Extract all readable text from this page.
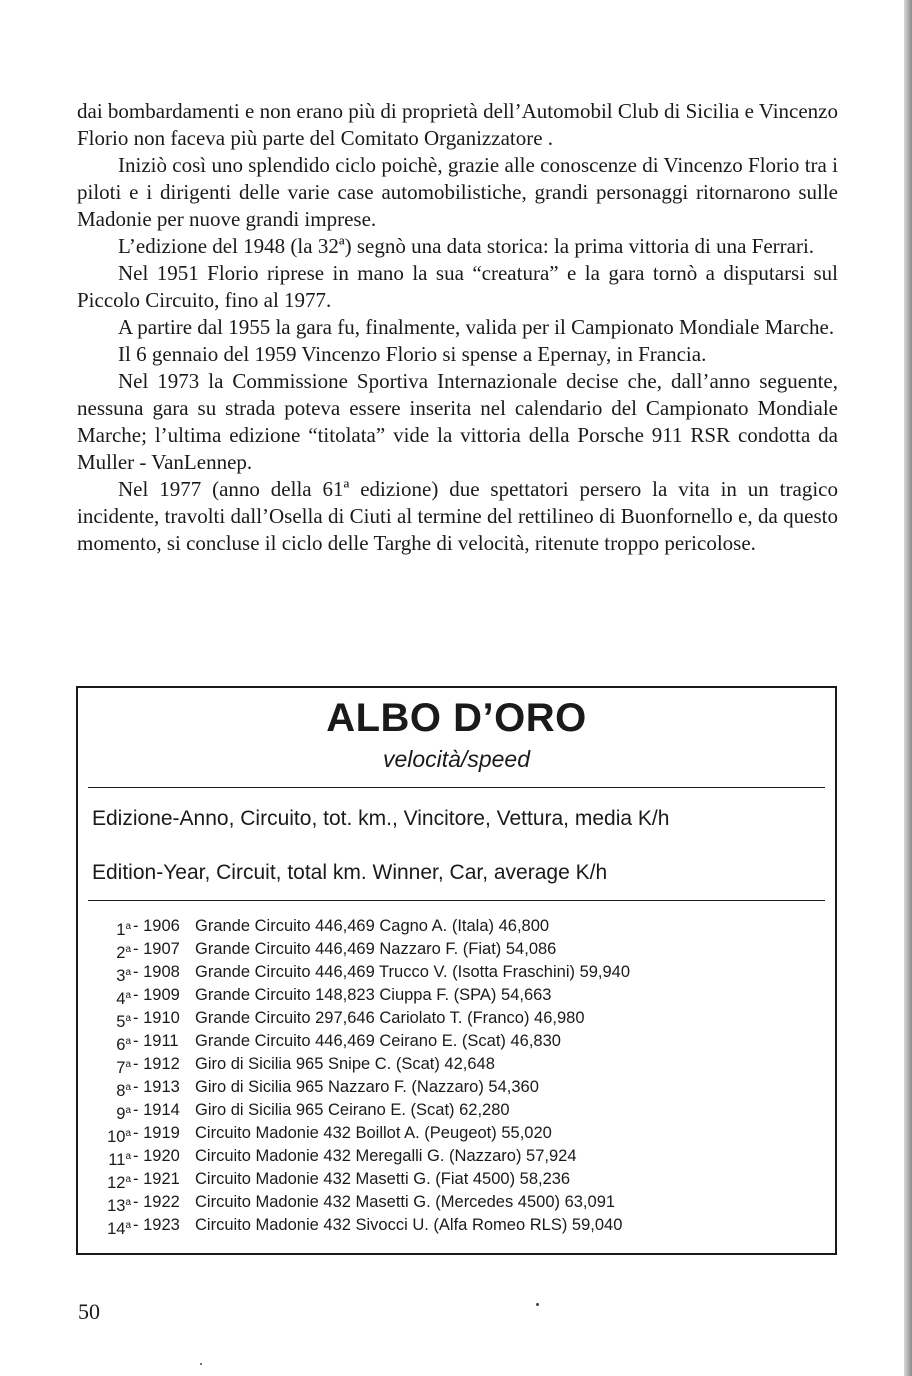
dai bombardamenti e non erano più di proprietà dell’Automobil Club di Sicilia e Vincenzo Florio non faceva più parte del Comitato Organizzatore .

Iniziò così uno splendido ciclo poichè, grazie alle conoscenze di Vincenzo Florio tra i piloti e i dirigenti delle varie case automobilistiche, grandi personaggi ritornarono sulle Madonie per nuove grandi imprese.

L’edizione del 1948 (la 32ª) segnò una data storica: la prima vittoria di una Ferrari.

Nel 1951 Florio riprese in mano la sua “creatura” e la gara tornò a disputarsi sul Piccolo Circuito, fino al 1977.

A partire dal 1955 la gara fu, finalmente, valida per il Campionato Mondiale Marche.

Il 6 gennaio del 1959 Vincenzo Florio si spense a Epernay, in Francia.

Nel 1973 la Commissione Sportiva Internazionale decise che, dall’anno seguente, nessuna gara su strada poteva essere inserita nel calendario del Campionato Mondiale Marche; l’ultima edizione “titolata” vide la vittoria della Porsche 911 RSR condotta da Muller - VanLennep.

Nel 1977 (anno della 61ª edizione) due spettatori persero la vita in un tragico incidente, travolti dall’Osella di Ciuti al termine del rettilineo di Buonfornello e, da questo momento, si concluse il ciclo delle Targhe di velocità, ritenute troppo pericolose.

ALBO D’ORO
velocità/speed
Edizione-Anno, Circuito, tot. km., Vincitore, Vettura, media K/h
Edition-Year, Circuit, total km. Winner, Car, average K/h
1$^a$ - 1906 Grande Circuito 446,469 Cagno A. (Itala) 46,800
2$^a$ - 1907 Grande Circuito 446,469 Nazzaro F. (Fiat) 54,086
3$^a$ - 1908 Grande Circuito 446,469 Trucco V. (Isotta Fraschini) 59,940
4$^a$ - 1909 Grande Circuito 148,823 Ciuppa F. (SPA) 54,663
5$^a$ - 1910 Grande Circuito 297,646 Cariolato T. (Franco) 46,980
6$^a$ - 1911 Grande Circuito 446,469 Ceirano E. (Scat) 46,830
7$^a$ - 1912 Giro di Sicilia 965 Snipe C. (Scat) 42,648
8$^a$ - 1913 Giro di Sicilia 965 Nazzaro F. (Nazzaro) 54,360
9$^a$ - 1914 Giro di Sicilia 965 Ceirano E. (Scat) 62,280
10$^a$ - 1919 Circuito Madonie 432 Boillot A. (Peugeot) 55,020
11$^a$ - 1920 Circuito Madonie 432 Meregalli G. (Nazzaro) 57,924
12$^a$ - 1921 Circuito Madonie 432 Masetti G. (Fiat 4500) 58,236
13$^a$ - 1922 Circuito Madonie 432 Masetti G. (Mercedes 4500) 63,091
14$^a$ - 1923 Circuito Madonie 432 Sivocci U. (Alfa Romeo RLS) 59,040
50
